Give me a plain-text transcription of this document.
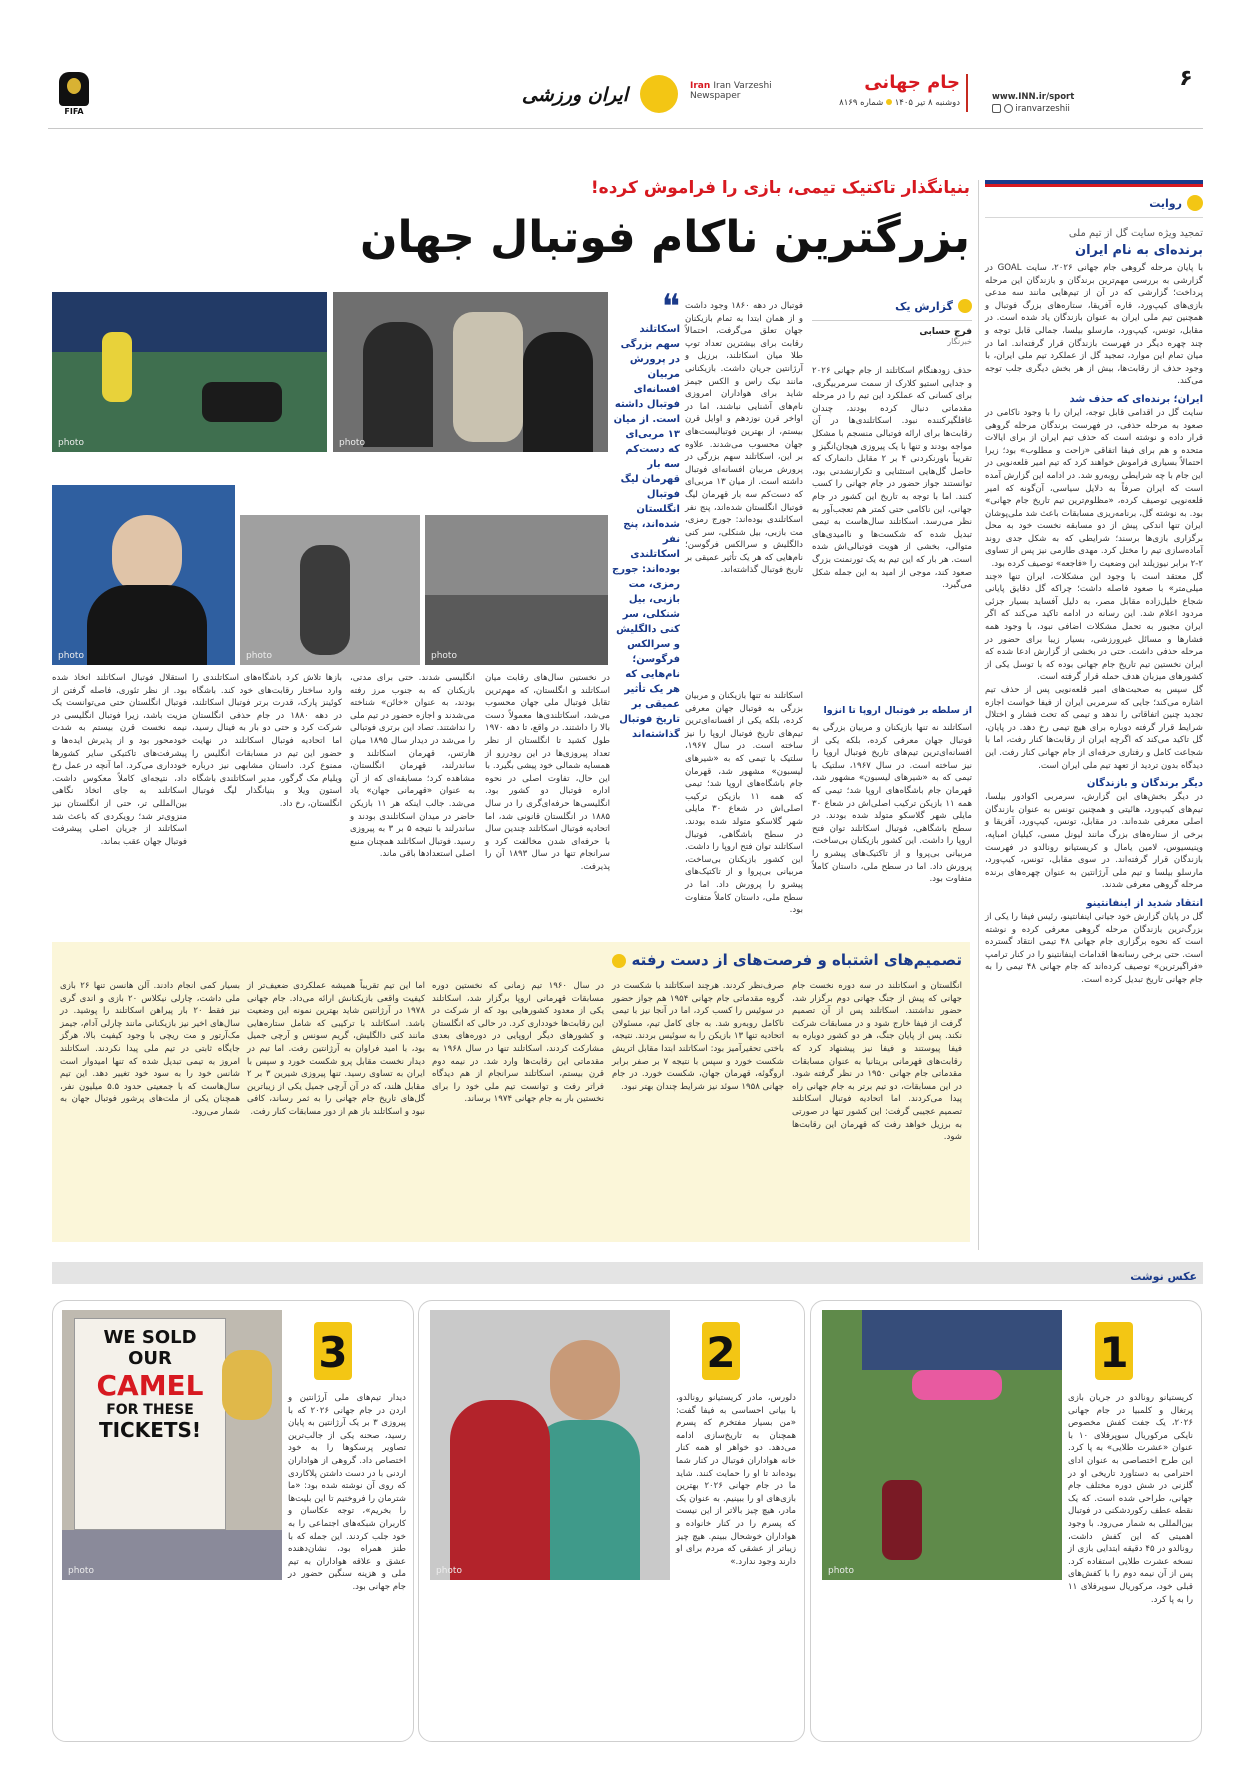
۶
www.INN.ir/sport
iranvarzeshii
جام جهانی
دوشنبه ۸ تیر ۱۴۰۵  شماره ۸۱۶۹
Iran Iran Varzeshi Newspaper
ایران ورزشی
FIFA
روایت
تمجید ویژه سایت گل از تیم ملی
برنده‌ای به نام ایران
با پایان مرحله گروهی جام جهانی ۲۰۲۶، سایت GOAL در گزارشی به بررسی مهم‌ترین برندگان و بازندگان این مرحله پرداخت؛ گزارشی که در آن از تیم‌هایی مانند سه مدعی بازی‌های کیپ‌ورد، قاره آفریقا، ستاره‌های بزرگ فوتبال و همچنین تیم ملی ایران به عنوان بازندگان یاد شده است. در مقابل، تونس، کیپ‌ورد، مارسلو بیلسا، جمالی قابل توجه و چند چهره دیگر در فهرست بازندگان قرار گرفته‌اند. اما در میان تمام این موارد، تمجید گل از عملکرد تیم ملی ایران، با وجود حذف از رقابت‌ها، بیش از هر بخش دیگری جلب توجه می‌کند.
ایران؛ برنده‌ای که حذف شد
سایت گل در اقدامی قابل توجه، ایران را با وجود ناکامی در صعود به مرحله حذفی، در فهرست برندگان مرحله گروهی قرار داده و نوشته است که حذف تیم ایران از برای ایالات متحده و هم برای فیفا اتفاقی «راحت و مطلوب» بود؛ زیرا احتمالاً بسیاری فراموش خواهند کرد که تیم امیر قلعه‌نویی در این جام با چه شرایطی روبه‌رو شد. در ادامه این گزارش آمده است که ایران صرفاً به دلایل سیاسی، آن‌گونه که امیر قلعه‌نویی توصیف کرده، «مظلوم‌ترین تیم تاریخ جام جهانی» بود. به نوشته گل، برنامه‌ریزی مسابقات باعث شد ملی‌پوشان ایران تنها اندکی پیش از دو مسابقه نخست خود به محل برگزاری بازی‌ها برسند؛ شرایطی که به شکل جدی روند آماده‌سازی تیم را مختل کرد. مهدی طارمی نیز پس از تساوی ۲-۲ برابر نیوزیلند این وضعیت را «فاجعه» توصیف کرده بود.
گل معتقد است با وجود این مشکلات، ایران تنها «چند میلی‌متر» با صعود فاصله داشت؛ چراکه گل دقایق پایانی شجاع خلیل‌زاده مقابل مصر، به دلیل آفساید بسیار جزئی مردود اعلام شد. این رسانه در ادامه تاکید می‌کند که اگر ایران مجبور به تحمل مشکلات اضافی نبود، با وجود همه فشارها و مسائل غیرورزشی، بسیار زیبا برای حضور در مرحله حذفی داشت. حتی در بخشی از گزارش ادعا شده که ایران نخستین تیم تاریخ جام جهانی بوده که با توسل یکی از کشورهای میزبان هدف حمله قرار گرفته است.
گل سپس به صحبت‌های امیر قلعه‌نویی پس از حذف تیم اشاره می‌کند؛ جایی که سرمربی ایران از فیفا خواست اجازه تجدید چنین اتفاقاتی را ندهد و تیمی که تحت فشار و اختلال شرایط قرار گرفته دوباره برای هیچ تیمی رخ دهد. در پایان، گل تاکید می‌کند که اگرچه ایران از رقابت‌ها کنار رفت، اما با شجاعت کامل و رفتاری حرفه‌ای از جام جهانی کنار رفت. این دیدگاه بدون تردید از تعهد تیم ملی ایران است.
دیگر برندگان و بازندگان
در دیگر بخش‌های این گزارش، سرمربی اکوادور بیلسا، تیم‌های کیپ‌ورد، هائیتی و همچنین تونس به عنوان بازندگان اصلی معرفی شده‌اند. در مقابل، تونس، کیپ‌ورد، آفریقا و برخی از ستاره‌های بزرگ مانند لیونل مسی، کیلیان امباپه، وینیسیوس، لامین یامال و کریستیانو رونالدو در فهرست بازندگان قرار گرفته‌اند. در سوی مقابل، تونس، کیپ‌ورد، مارسلو بیلسا و تیم ملی آرژانتین به عنوان چهره‌های برنده مرحله گروهی معرفی شدند.
انتقاد شدید از اینفانتینو
گل در پایان گزارش خود جیانی اینفانتینو، رئیس فیفا را یکی از بزرگ‌ترین بازندگان مرحله گروهی معرفی کرده و نوشته است که نحوه برگزاری جام جهانی ۴۸ تیمی انتقاد گسترده است. حتی برخی رسانه‌ها اقدامات اینفانتینو را در کنار ترامپ «فراگیرترین» توصیف کرده‌اند که جام جهانی ۴۸ تیمی را به جام جهانی تاریخ تبدیل کرده است.
بنیانگذار تاکتیک تیمی، بازی را فراموش کرده!
بزرگترین ناکام فوتبال جهان
گزارش یک
فرج حسابی
خبرنگار
حذف زودهنگام اسکاتلند از جام جهانی ۲۰۲۶ و جدایی استیو کلارک از سمت سرمربیگری، برای کسانی که عملکرد این تیم را در مرحله مقدماتی دنبال کرده بودند، چندان غافلگیرکننده نبود. اسکاتلندی‌ها در آن رقابت‌ها برای ارائه فوتبالی منسجم با مشکل مواجه بودند و تنها با یک پیروزی هیجان‌انگیز و تقریباً باورنکردنی ۴ بر ۲ مقابل دانمارک که حاصل گل‌هایی استثنایی و تکرارنشدنی بود، توانستند جواز حضور در جام جهانی را کسب کنند. اما با توجه به تاریخ این کشور در جام جهانی، این ناکامی حتی کمتر هم تعجب‌آور به نظر می‌رسد. اسکاتلند سال‌هاست به تیمی تبدیل شده که شکست‌ها و ناامیدی‌های متوالی، بخشی از هویت فوتبالی‌اش شده است. هر بار که این تیم به یک تورنمنت بزرگ صعود کند، موجی از امید به این جمله شکل می‌گیرد.
از سلطه بر فوتبال اروپا تا انزوا
اسکاتلند نه تنها بازیکنان و مربیان بزرگی به فوتبال جهان معرفی کرده، بلکه یکی از افسانه‌ای‌ترین تیم‌های تاریخ فوتبال اروپا را نیز ساخته است. در سال ۱۹۶۷، سلتیک با تیمی که به «شیرهای لیسبون» مشهور شد، قهرمان جام باشگاه‌های اروپا شد؛ تیمی که همه ۱۱ بازیکن ترکیب اصلی‌اش در شعاع ۳۰ مایلی شهر گلاسکو متولد شده بودند. در سطح باشگاهی، فوتبال اسکاتلند توان فتح اروپا را داشت. این کشور بازیکنان بی‌ساخت، مربیانی بی‌پروا و از تاکتیک‌های پیشرو را پرورش داد. اما در سطح ملی، داستان کاملاً متفاوت بود.
فوتبال در دهه ۱۸۶۰ وجود داشت و از همان ابتدا به تمام بازیکنان جهان تعلق می‌گرفت، احتمالاً رقابت برای بیشترین تعداد توپ طلا میان اسکاتلند، برزیل و آرژانتین جریان داشت. بازیکنانی مانند نیک راس و الکس جیمز شاید برای هواداران امروزی نام‌های آشنایی نباشند، اما در اواخر قرن نوزدهم و اوایل قرن بیستم، از بهترین فوتبالیست‌های جهان محسوب می‌شدند. علاوه بر این، اسکاتلند سهم بزرگی در پرورش مربیان افسانه‌ای فوتبال داشته است. از میان ۱۳ مربی‌ای که دست‌کم سه بار قهرمان لیگ فوتبال انگلستان شده‌اند، پنج نفر اسکاتلندی بوده‌اند: جورج رمزی، مت بازبی، بیل شنکلی، سر کنی دالگلیش و سرالکس فرگوسن؛ نام‌هایی که هر یک تأثیر عمیقی بر تاریخ فوتبال گذاشته‌اند.
اسکاتلند نه تنها بازیکنان و مربیان بزرگی به فوتبال جهان معرفی کرده، بلکه یکی از افسانه‌ای‌ترین تیم‌های تاریخ فوتبال اروپا را نیز ساخته است. در سال ۱۹۶۷، سلتیک با تیمی که به «شیرهای لیسبون» مشهور شد، قهرمان جام باشگاه‌های اروپا شد؛ تیمی که همه ۱۱ بازیکن ترکیب اصلی‌اش در شعاع ۳۰ مایلی شهر گلاسکو متولد شده بودند. در سطح باشگاهی، فوتبال اسکاتلند توان فتح اروپا را داشت. این کشور بازیکنان بی‌ساخت، مربیانی بی‌پروا و از تاکتیک‌های پیشرو را پرورش داد. اما در سطح ملی، داستان کاملاً متفاوت بود.
❝
اسکاتلند سهم بزرگی در پرورش مربیان افسانه‌ای فوتبال داشته است. از میان ۱۳ مربی‌ای که دست‌کم سه بار قهرمان لیگ فوتبال انگلستان شده‌اند، پنج نفر اسکاتلندی بوده‌اند: جورج رمزی، مت بازبی، بیل شنکلی، سر کنی دالگلیش و سرالکس فرگوسن؛ نام‌هایی که هر یک تأثیر عمیقی بر تاریخ فوتبال گذاشته‌اند
photo
photo
photo
photo
photo
در نخستین سال‌های رقابت میان اسکاتلند و انگلستان، که مهم‌ترین تقابل فوتبال ملی جهان محسوب می‌شد، اسکاتلندی‌ها معمولاً دست بالا را داشتند. در واقع، تا دهه ۱۹۷۰ طول کشید تا انگلستان از نظر تعداد پیروزی‌ها در این رودررو از همسایه شمالی خود پیشی بگیرد. با این حال، تفاوت اصلی در نحوه اداره فوتبال دو کشور بود. انگلیسی‌ها حرفه‌ای‌گری را در سال ۱۸۸۵ در انگلستان قانونی شد، اما اتحادیه فوتبال اسکاتلند چندین سال با حرفه‌ای شدن مخالفت کرد و سرانجام تنها در سال ۱۸۹۳ آن را پذیرفت.
انگلیسی شدند. حتی برای مدتی، بازیکنان که به جنوب مرز رفته بودند، به عنوان «خائن» شناخته می‌شدند و اجازه حضور در تیم ملی را نداشتند. تصاد این برتری فوتبالی را می‌شد در دیدار سال ۱۸۹۵ میان هارتس، قهرمان اسکاتلند و ساندرلند، قهرمان انگلستان، مشاهده کرد؛ مسابقه‌ای که از آن به عنوان «قهرمانی جهان» یاد می‌شد. جالب اینکه هر ۱۱ بازیکن حاضر در میدان اسکاتلندی بودند و ساندرلند با نتیجه ۵ بر ۳ به پیروزی رسید. فوتبال اسکاتلند همچنان منبع اصلی استعدادها باقی ماند.
بازها تلاش کرد باشگاه‌های اسکاتلندی را وارد ساختار رقابت‌های خود کند. باشگاه کوئینز پارک، قدرت برتر فوتبال اسکاتلند، در دهه ۱۸۸۰ در جام حذفی انگلستان شرکت کرد و حتی دو بار به فینال رسید، اما اتحادیه فوتبال اسکاتلند در نهایت حضور این تیم در مسابقات انگلیس را ممنوع کرد. داستان مشابهی نیز درباره ویلیام مک گرگور، مدیر اسکاتلندی باشگاه استون ویلا و بنیانگذار لیگ فوتبال انگلستان، رخ داد.
استقلال فوتبال اسکاتلند اتخاذ شده بود. از نظر تئوری، فاصله گرفتن از فوتبال انگلستان حتی می‌توانست یک مزیت باشد، زیرا فوتبال انگلیسی در نیمه نخست قرن بیستم به شدت خودمحور بود و از پذیرش ایده‌ها و پیشرفت‌های تاکتیکی سایر کشورها خودداری می‌کرد. اما آنچه در عمل رخ داد، نتیجه‌ای کاملاً معکوس داشت. اسکاتلند به جای اتخاذ نگاهی بین‌المللی تر، حتی از انگلستان نیز منزوی‌تر شد؛ رویکردی که باعث شد اسکاتلند از جریان اصلی پیشرفت فوتبال جهان عقب بماند.
تصمیم‌های اشتباه و فرصت‌های از دست رفته
انگلستان و اسکاتلند در سه دوره نخست جام جهانی که پیش از جنگ جهانی دوم برگزار شد، حضور نداشتند. اسکاتلند پس از آن تصمیم گرفت از فیفا خارج شود و در مسابقات شرکت نکند. پس از پایان جنگ، هر دو کشور دوباره به فیفا پیوستند و فیفا نیز پیشنهاد کرد که رقابت‌های قهرمانی بریتانیا به عنوان مسابقات مقدماتی جام جهانی ۱۹۵۰ در نظر گرفته شود. در این مسابقات، دو تیم برتر به جام جهانی راه پیدا می‌کردند. اما اتحادیه فوتبال اسکاتلند تصمیم عجیبی گرفت: این کشور تنها در صورتی به برزیل خواهد رفت که قهرمان این رقابت‌ها شود.
صرف‌نظر کردند. هرچند اسکاتلند با شکست در گروه مقدماتی جام جهانی ۱۹۵۴ هم جواز حضور در سوئیس را کسب کرد، اما در آنجا نیز با تیمی ناکامل روبه‌رو شد. به جای کامل تیم، مسئولان اتحادیه تنها ۱۳ بازیکن را به سوئیس بردند. نتیجه، باختی تحقیرآمیز بود: اسکاتلند ابتدا مقابل اتریش شکست خورد و سپس با نتیجه ۷ بر صفر برابر اروگوئه، قهرمان جهان، شکست خورد. در جام جهانی ۱۹۵۸ سوئد نیز شرایط چندان بهتر نبود.
در سال ۱۹۶۰ تیم زمانی که نخستین دوره مسابقات قهرمانی اروپا برگزار شد، اسکاتلند یکی از معدود کشورهایی بود که از شرکت در این رقابت‌ها خودداری کرد. در حالی که انگلستان و کشورهای دیگر اروپایی در دوره‌های بعدی مشارکت کردند، اسکاتلند تنها در سال ۱۹۶۸ به مقدماتی این رقابت‌ها وارد شد. در نیمه دوم قرن بیستم، اسکاتلند سرانجام از هم دیدگاه فراتر رفت و توانست تیم ملی خود را برای نخستین بار به جام جهانی ۱۹۷۴ برساند.
اما این تیم تقریباً همیشه عملکردی ضعیف‌تر از کیفیت واقعی بازیکنانش ارائه می‌داد. جام جهانی ۱۹۷۸ در آرژانتین شاید بهترین نمونه این وضعیت باشد. اسکاتلند با ترکیبی که شامل ستاره‌هایی مانند کنی دالگلیش، گریم سونس و آرچی جمیل بود، با امید فراوان به آرژانتین رفت. اما تیم در دیدار نخست مقابل پرو شکست خورد و سپس با ایران به تساوی رسید. تنها پیروزی شیرین ۳ بر ۲ مقابل هلند، که در آن آرچی جمیل یکی از زیباترین گل‌های تاریخ جام جهانی را به ثمر رساند، کافی نبود و اسکاتلند باز هم از دور مسابقات کنار رفت.
بسیار کمی انجام دادند. آلن هانسن تنها ۲۶ بازی ملی داشت، چارلی نیکلاس ۲۰ بازی و اندی گری نیز فقط ۲۰ بار پیراهن اسکاتلند را پوشید. در سال‌های اخیر نیز بازیکنانی مانند چارلی آدام، جیمز مک‌آرتور و مت ریچی با وجود کیفیت بالا، هرگز جایگاه ثابتی در تیم ملی پیدا نکردند. اسکاتلند امروز به تیمی تبدیل شده که تنها امیدوار است شانس خود را به سود خود تغییر دهد. این تیم سال‌هاست که با جمعیتی حدود ۵.۵ میلیون نفر، همچنان یکی از ملت‌های پرشور فوتبال جهان به شمار می‌رود.
عکس نوشت
photo
1
کریستیانو رونالدو در جریان بازی پرتغال و کلمبیا در جام جهانی ۲۰۲۶، یک جفت کفش مخصوص نایکی مرکوریال سوپرفلای ۱۰ با عنوان «عشرت طلایی» به پا کرد. این طرح اختصاصی به عنوان ادای احترامی به دستاورد تاریخی او در گلزنی در شش دوره مختلف جام جهانی، طراحی شده است. که یک نقطه عطف رکوردشکنی در فوتبال بین‌المللی به شمار می‌رود. با وجود اهمیتی که این کفش داشت، رونالدو در ۴۵ دقیقه ابتدایی بازی از نسخه عشرت طلایی استفاده کرد. پس از آن نیمه دوم را با کفش‌های قبلی خود، مرکوریال سوپرفلای ۱۱ را به پا کرد.
photo
2
دلورس، مادر کریستیانو رونالدو، با بیانی احساسی به فیفا گفت: «من بسیار مفتخرم که پسرم همچنان به تاریخ‌سازی ادامه می‌دهد. دو خواهر او همه کنار خانه هواداران فوتبال در کنار شما بوده‌اند تا او را حمایت کنند. شاید ما در جام جهانی ۲۰۲۶ بهترین بازی‌های او را ببینیم. به عنوان یک مادر، هیچ چیز بالاتر از این نیست که پسرم را در کنار خانواده و هواداران خوشحال ببینم. هیچ چیز زیباتر از عشقی که مردم برای او دارند وجود ندارد.»
WE SOLD
OUR
CAMEL
FOR THESE
TICKETS!
photo
3
دیدار تیم‌های ملی آرژانتین و اردن در جام جهانی ۲۰۲۶ که با پیروزی ۳ بر یک آرژانتین به پایان رسید، صحنه یکی از جالب‌ترین تصاویر پرسکوها را به خود اختصاص داد. گروهی از هواداران اردنی با در دست داشتن پلاکاردی که روی آن نوشته شده بود: «ما شترمان را فروختیم تا این بلیت‌ها را بخریم»، توجه عکاسان و کاربران شبکه‌های اجتماعی را به خود جلب کردند. این جمله که با طنز همراه بود، نشان‌دهنده عشق و علاقه هواداران به تیم ملی و هزینه سنگین حضور در جام جهانی بود.
